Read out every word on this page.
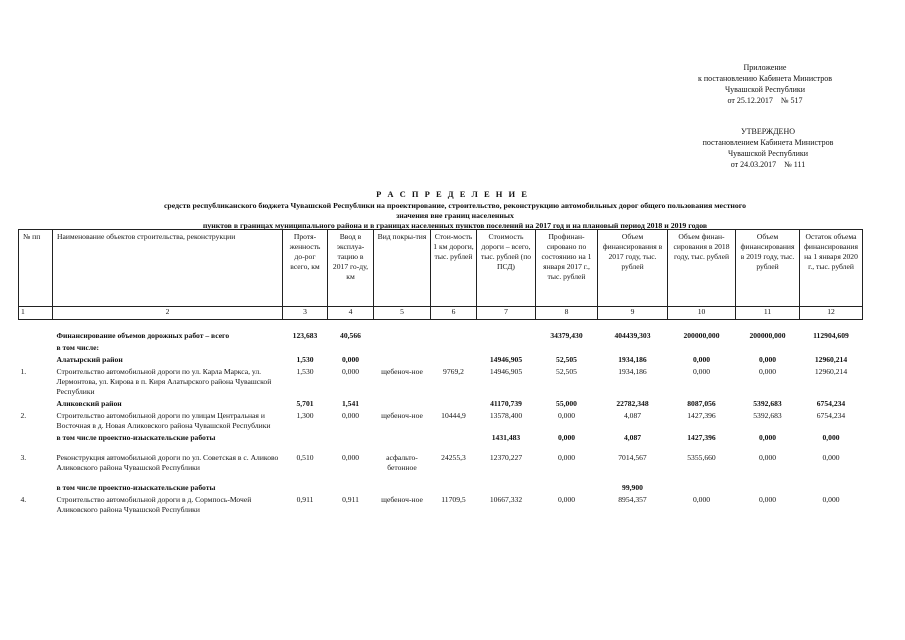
Приложение
к постановлению Кабинета Министров
Чувашской Республики
от 25.12.2017 № 517
УТВЕРЖДЕНО
постановлением Кабинета Министров
Чувашской Республики
от 24.03.2017 № 111
Р А С П Р Е Д Е Л Е Н И Е
средств республиканского бюджета Чувашской Республики на проектирование, строительство, реконструкцию автомобильных дорог общего пользования местного значения вне границ населенных
пунктов в границах муниципального района и в границах населенных пунктов поселений на 2017 год и на плановый период 2018 и 2019 годов
№ пп	Наименование объектов строительства, реконструкции	Протя-женность до-рог всего, км	Ввод в эксплуа-тацию в 2017 го-ду, км	Вид покры-тия	Стои-мость 1 км дороги, тыс. рублей	Стоимость дороги – всего, тыс. рублей (по ПСД)	Профинан-сировано по состоянию на 1 января 2017 г., тыс. рублей	Объем финансирования в 2017 году, тыс. рублей	Объем финан-сирования в 2018 году, тыс. рублей	Объем финансирования в 2019 году, тыс. рублей	Остаток объема финансирования на 1 января 2020 г., тыс. рублей
1	2	3	4	5	6	7	8	9	10	11	12

	Финансирование объемов дорожных работ – всего	123,683	40,566				34379,430	404439,303	200000,000	200000,000	112904,609
	в том числе:										
	Алатырский район	1,530	0,000			14946,905	52,505	1934,186	0,000	0,000	12960,214
1.	Строительство автомобильной дороги по ул. Карла Маркса, ул. Лермонтова, ул. Кирова в п. Киря Алатырского района Чувашской Республики	1,530	0,000	щебеноч-ное	9769,2	14946,905	52,505	1934,186	0,000	0,000	12960,214
	Аликовский район	5,701	1,541			41170,739	55,000	22782,348	8087,056	5392,683	6754,234
2.	Строительство автомобильной дороги по улицам Центральная и Восточная в д. Новая Аликовского района Чувашской Республики	1,300	0,000	щебеноч-ное	10444,9	13578,400	0,000	4,087	1427,396	5392,683	6754,234
	в том числе проектно-изыскательские работы					1431,483	0,000	4,087	1427,396	0,000	0,000

3.	Реконструкция автомобильной дороги по ул. Советская в с. Аликово Аликовского района Чувашской Республики	0,510	0,000	асфальто-бетонное	24255,3	12370,227	0,000	7014,567	5355,660	0,000	0,000

	в том числе проектно-изыскательские работы							99,900			
4.	Строительство автомобильной дороги в д. Сормпось-Мочей Аликовского района Чувашской Республики	0,911	0,911	щебеноч-ное	11709,5	10667,332	0,000	8954,357	0,000	0,000	0,000
